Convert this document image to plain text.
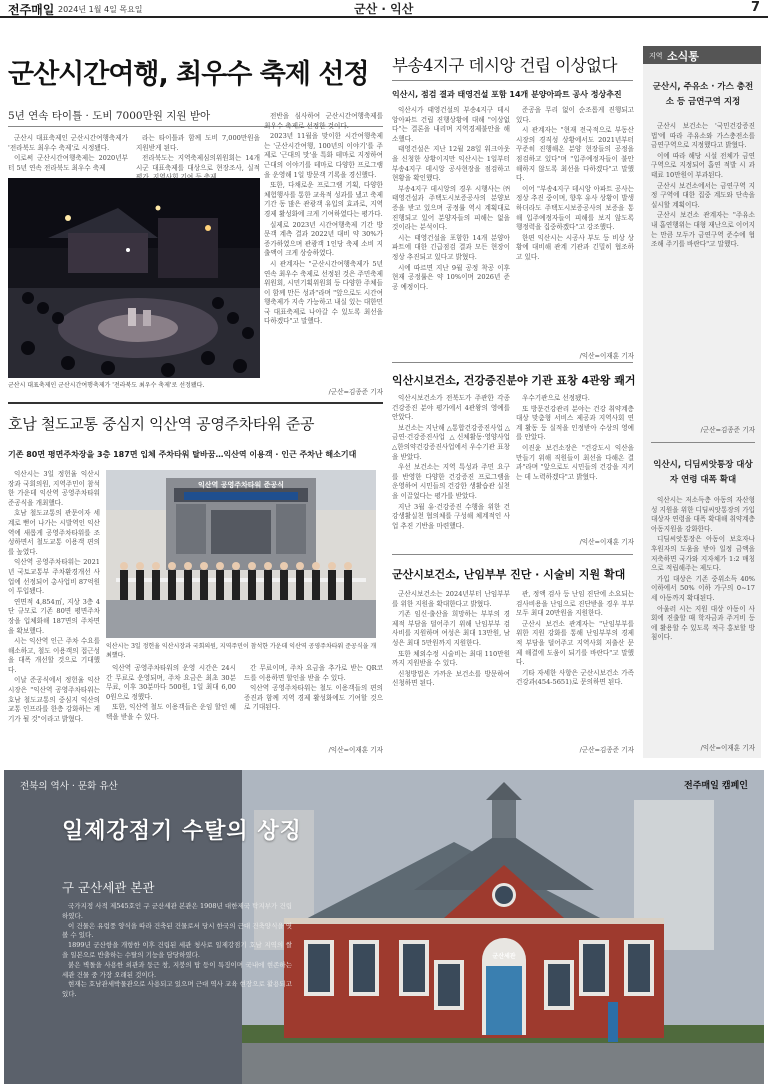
전주매일 2024년 1월 4일 목요일	군산 · 익산	7
군산시간여행, 최우수 축제 선정
5년 연속 타이틀 · 도비 7000만원 지원 받아

군산시 대표축제인 군산시간여행축제가 '전라북도 최우수 축제'로 시정됐다.

이로써 군산시간여행축제는 2020년부터 5년 연속 전라북도 최우수 축제

라는 타이틀과 함께 도비 7,000만원을 지원받게 된다.

전라북도는 지역축제심의위원회는 14개 시군 대표축제를 대상으로 현장조사, 실적

전반을 심사하여 군산시간여행축제를 최우수 축제로 선정한 것이다.

2023년 11월을 맞이한 시간여행축제는 '군산시간여행, 100년의 이야기'를 주제로 '근대의 맛'을 특화 테마로 지정하여 근대의 이야기를 테마로 다양한 프로그램을 운영해 1일 방문객 기록을 경신했다.

또한, 다채로운 프로그램 기획, 다양한 체험행사를 통한 교육적 성과를 냈고 축제기간 동 많은 관광객 유입의 효과로, 지역경제 활성화에 크게 기여하였다는 평가다.

실제로 2023년 시간여행축제 기간 방문객 계측 결과 2022년 대비 약 30%가 증가하였으며 관광객 1인당 축제 소비 지출액이 크게 상승하였다.

시 관계자는 "군산시간여행축제가 5년 연속 최우수 축제로 선정된 것은 주민축제위원회, 시민기획위원회 등 다양한 주체들이 함께 만든 성과"라며 "앞으로도 시간여행축제가 지속 가능하고 내실 있는 대한민국 대표축제로 나아갈 수 있도록 최선을 다하겠다"고 말했다.

/군산=김종준 기자
군산시 대표축제인 군산시간여행축제가 '전라북도 최우수 축제'로 선정됐다.
부송4지구 데시앙 건립 이상없다
익산시, 점검 결과 태영건설 포함 14개 분양아파트 공사 정상추진

익산시가 태영건설의 부송4지구 데시앙아파트 건립 진행상황에 대해 "이상없다"는 결론을 내리며 지역경제불안을 해소했다.

태영건설은 지난 12월 28일 워크아웃을 신청한 상황이지만 익산시는 1일부터 부송4지구 데시앙 공사현장을 점검하고 현황을 확인했다.

부송4지구 데시앙의 경우 시행사는 ㈜태영건설과 주택도시보증공사의 분양보증을 받고 있으며 공정률 역시 계획대로 진행되고 있어 분양자들의 피해는 없을 것이라는 분석이다.

시는 태영건설을 포함한 14개 분양아파트에 대한 긴급점검 결과 모든 현장이 정상 추진되고 있다고 밝혔다.

시에 따르면 지난 9월 공정 착공 이후 현재 공정률은 약 10%이며 2026년 준공 예정이다.

준공을 무리 없이 순조롭게 진행되고 있다.

시 관계자는 "현재 전국적으로 부동산 시장의 경직성 상황에서도 2021년부터 꾸준히 진행해온 분양 현장들의 공정을 점검하고 있다"며 "입주예정자들이 불안해하지 않도록 최선을 다하겠다"고 말했다.

이어 "부송4지구 데시앙 아파트 공사는 정상 추진 중이며, 향후 유사 상황이 발생하더라도 주택도시보증공사의 보증을 통해 입주예정자들이 피해를 보지 않도록 행정력을 집중하겠다"고 강조했다.

한편 익산시는 시공사 부도 등 비상 상황에 대비해 관계 기관과 긴밀히 협조하고 있다.

/익산=이재훈 기자
익산시보건소, 건강증진분야 기관 표창 4관왕 쾌거

익산시보건소가 전북도가 주관한 각종 건강증진 분야 평가에서 4관왕의 영예를 안았다.

보건소는 지난해 △통합건강증진사업 △금연·건강증진사업 △신체활동·영양사업 △한의약건강증진사업에서 우수기관 표창을 받았다.

우선 보건소는 지역 특성과 주민 요구를 반영한 다양한 건강증진 프로그램을 운영하여 시민들의 건강한 생활습관 실천을 이끌었다는 평가를 받았다.

지난 3월 유·건강증진 수행을 위한 건강생활실천 협의체를 구성해 체계적인 사업 추진 기반을 마련했다.

우수기관으로 선정됐다.

또 방문건강관리 분야는 건강 취약계층 대상 맞춤형 서비스 제공과 지역사회 연계 활동 등 실적을 인정받아 수상의 영예를 안았다.

이진윤 보건소장은 "건강도시 익산을 만들기 위해 직원들이 최선을 다해온 결과"라며 "앞으로도 시민들의 건강을 지키는 데 노력하겠다"고 밝혔다.

/익산=이재훈 기자
호남 철도교통 중심지 익산역 공영주차타워 준공
기존 80면 평면주차장을 3층 187면 입체 주차타워 탈바꿈…익산역 이용객 · 인근 주차난 해소기대

익산시는 3일 정헌율 익산시장과 국회의원, 지역주민이 참석한 가운데 익산역 공영주차타워 준공식을 개최했다.

호남 철도교통의 관문이자 세계로 뻗어 나가는 시발역인 익산역에 새롭게 공영주차타워를 조성하면서 철도교통 이용객 편의를 높였다.

익산역 공영주차타워는 2021년 국토교통부 주차환경개선 사업에 선정되어 총사업비 87억원이 투입됐다.

연면적 4,854㎡, 지상 3층 4단 규모로 기존 80면 평면주차장을 입체화해 187면의 주차면을 확보했다.

시는 익산역 인근 주차 수요를 해소하고, 철도 이용객의 접근성을 대폭 개선할 것으로 기대했다.

이날 준공식에서 정헌율 익산시장은 "익산역 공영주차타워는 호남 철도교통의 중심지 익산의 교통 인프라를 한층 강화하는 계기가 될 것"이라고 밝혔다.

익산역 공영주차타워 준공식
익산시는 3일 정헌율 익산시장과 국회의원, 지역주민이 참석한 가운데 익산역 공영주차타워 준공식을 개최했다.

익산역 공영주차타워의 운영 시간은 24시간 무료로 운영되며, 주차 요금은 최초 30분 무료, 이후 30분마다 500원, 1일 최대 6,000원으로 정했다.

또한, 익산역 철도 이용객들은 운임 할인 혜택을 받을 수 있다.

간 무료이며, 주차 요금을 추가로 받는 QR코드를 이용하면 할인을 받을 수 있다.

익산역 공영주차타워는 철도 이용객들의 편의 증진과 함께 지역 경제 활성화에도 기여할 것으로 기대된다.

/익산=이재훈 기자
군산시보건소, 난임부부 진단 · 시술비 지원 확대

군산시보건소는 2024년부터 난임부부를 위한 지원을 확대한다고 밝혔다.

기존 임신·출산을 희망하는 부부의 경제적 부담을 덜어주기 위해 난임부부 검사비를 지원하며 여성은 최대 13만원, 남성은 최대 5만원까지 지원한다.

또한 체외수정 시술비는 최대 110만원까지 지원받을 수 있다.

신청방법은 가까운 보건소를 방문하여 신청하면 된다.

관, 정액 검사 등 난임 진단에 소요되는 검사비용을 난임으로 진단받을 경우 부부 모두 최대 20만원을 지원한다.

군산시 보건소 관계자는 "난임부부를 위한 지원 강화를 통해 난임부부의 경제적 부담을 덜어주고 지역사회 저출산 문제 해결에 도움이 되기를 바란다"고 말했다.

기타 자세한 사항은 군산시보건소 가족건강과(454-5651)로 문의하면 된다.

/군산=김종준 기자
지역 소식통
군산시, 주유소 · 가스 충전소 등 금연구역 지정

군산시 보건소는 '국민건강증진법'에 따라 주유소와 가스충전소를 금연구역으로 지정했다고 밝혔다.

이에 따라 해당 시설 전체가 금연구역으로 지정되어 흡연 적발 시 과태료 10만원이 부과된다.

군산시 보건소에서는 금연구역 지정 구역에 대한 집중 계도와 단속을 실시할 계획이다.

군산시 보건소 관계자는 "주유소 내 흡연행위는 대형 재난으로 이어지는 만큼 모두가 금연구역 준수에 협조해 주기를 바란다"고 말했다.

/군산=김종준 기자
익산시, 디딤씨앗통장 대상자 연령 대폭 확대

익산시는 저소득층 아동의 자산형성 지원을 위한 디딤씨앗통장의 가입대상자 연령을 대폭 확대해 취약계층 아동지원을 강화한다.

디딤씨앗통장은 아동이 보호자나 후원자의 도움을 받아 일정 금액을 저축하면 국가와 지자체가 1:2 매칭으로 적립해주는 제도다.

가입 대상은 기존 중위소득 40% 이하에서 50% 이하 가구의 0~17세 아동까지 확대된다.

아울러 시는 지원 대상 아동이 사회에 진출할 때 학자금과 주거비 등에 활용할 수 있도록 적극 홍보할 방침이다.

/익산=이재훈 기자
전북의 역사 · 문화 유산	전주매일 캠페인
일제강점기 수탈의 상징
구 군산세관 본관

국가지정 사적 제545호인 구 군산세관 본관은 1908년 대한제국 탁지부가 건립하였다.

이 건물은 유럽풍 양식을 따라 건축된 건물로서 당시 한국의 근대 건축양식을 엿볼 수 있다.

1899년 군산항을 개항한 이후 건립된 세관 청사로 일제강점기 호남 지역의 쌀을 일본으로 반출하는 수탈의 기능을 담당하였다.

붉은 벽돌을 사용한 외관과 둥근 창, 지붕의 탑 등이 특징이며 국내에 현존하는 세관 건물 중 가장 오래된 것이다.

현재는 호남관세박물관으로 사용되고 있으며 근대 역사 교육 현장으로 활용되고 있다.

군산세관
